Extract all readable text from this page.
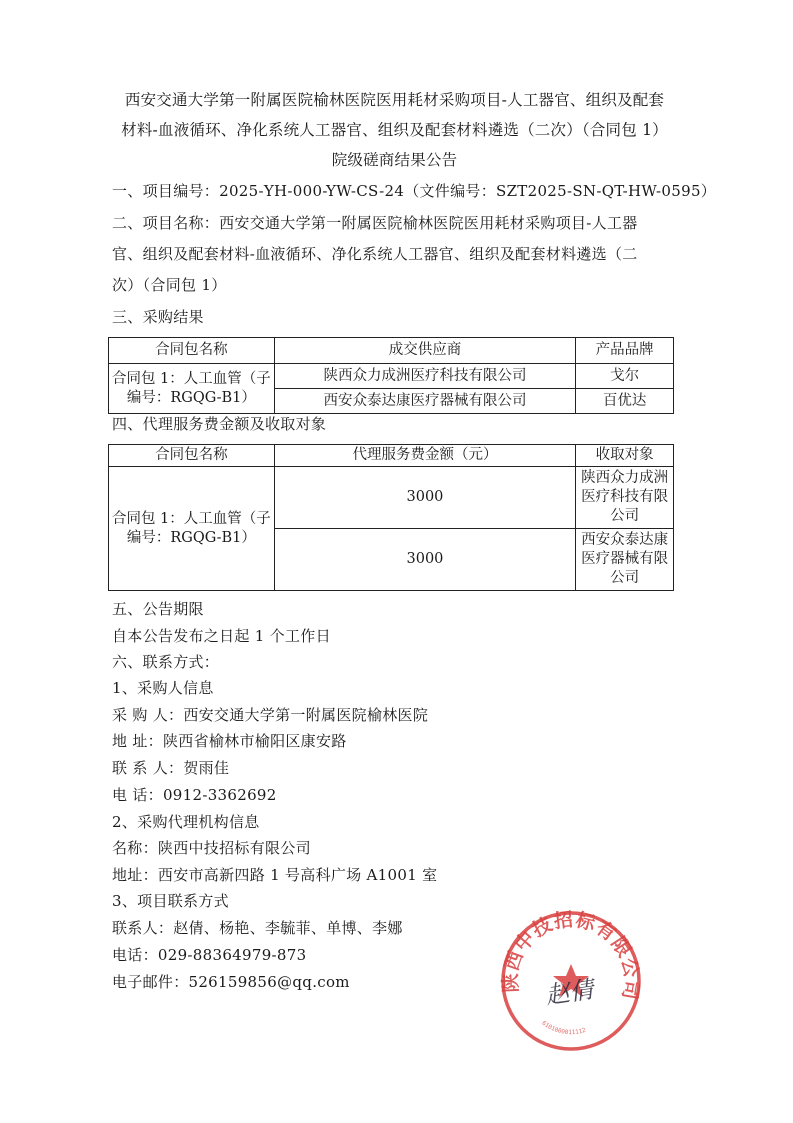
西安交通大学第一附属医院榆林医院医用耗材采购项目-人工器官、组织及配套
材料-血液循环、净化系统人工器官、组织及配套材料遴选（二次）（合同包 1）
院级磋商结果公告
一、项目编号：2025-YH-000-YW-CS-24（文件编号：SZT2025-SN-QT-HW-0595）
二、项目名称：西安交通大学第一附属医院榆林医院医用耗材采购项目-人工器
官、组织及配套材料-血液循环、净化系统人工器官、组织及配套材料遴选（二
次）（合同包 1）
三、采购结果
合同包名称	成交供应商	产品品牌
合同包 1：人工血管（子编号：RGQG-B1）	陕西众力成洲医疗科技有限公司	戈尔
	西安众泰达康医疗器械有限公司	百优达
四、代理服务费金额及收取对象
合同包名称	代理服务费金额（元）	收取对象
合同包 1：人工血管（子编号：RGQG-B1）	3000	陕西众力成洲医疗科技有限公司
	3000	西安众泰达康医疗器械有限公司
五、公告期限
自本公告发布之日起 1 个工作日
六、联系方式：
1、采购人信息
采 购 人：西安交通大学第一附属医院榆林医院
地 址：陕西省榆林市榆阳区康安路
联 系 人：贺雨佳
电 话：0912-3362692
2、采购代理机构信息
名称：陕西中技招标有限公司
地址：西安市高新四路 1 号高科广场 A1001 室
3、项目联系方式
联系人：赵倩、杨艳、李毓菲、单博、李娜
电话：029-88364979-873
电子邮件：526159856@qq.com	陕西中技招标有限公司
6101000011112
赵倩
